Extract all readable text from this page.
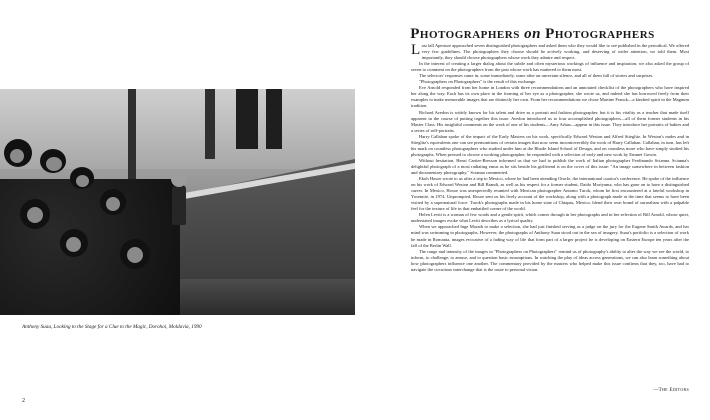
Anthony Suau, Looking to the Stage for a Clue to the Magic, Dorohoi, Moldavia, 1990
2
Photographers on Photographers

Last fall Aperture approached seven distinguished photographers and asked them who they would like to see published in the periodical. We offered very few guidelines. The photographers they choose should be actively working, and deserving of wider attention, we told them. Most importantly, they should choose photographers whose work they admire and respect.

In the interest of creating a larger dialog about the subtle and often mysterious workings of influence and inspiration, we also asked the group of seven to comment on the photographers from the past whose work has mattered to them most.

The selectors' responses came in, some immediately, some after an uncertain silence, and all of them full of stories and surprises.

"Photographers on Photographers" is the result of this exchange.

Eve Arnold responded from her home in London with three recommendations and an annotated checklist of the photographers who have inspired her along the way. Each has its own place in the forming of her eye as a photographer, she wrote us, and indeed she has borrowed freely from their examples to make memorable images that are distinctly her own. From her recommendations we chose Martine Franck—a kindred spirit in the Magnum tradition.

Richard Avedon is widely known for his talent and drive as a portrait and fashion photographer, but it is his vitality as a teacher that made itself apparent in the course of putting together this issue. Avedon introduced us to four accomplished photographers—all of them former students in his Master Class. His insightful comments on the work of one of his students—Amy Arbus—appear in this issue. They introduce her portraits of babies and a series of self-portraits.

Harry Callahan spoke of the impact of the Early Masters on his work, specifically Edward Weston and Alfred Stieglitz. In Weston's nudes and in Stieglitz's equivalents one can see premonitions of certain images that now seem incontrovertibly the work of Harry Callahan. Callahan, in turn, has left his mark on countless photographers who studied under him at the Rhode Island School of Design, and on countless more who have simply studied his photographs. When pressed to choose a working photographer, he responded with a selection of early and new work by Emmet Gowin.

Without hesitation, Henri Cartier-Bresson informed us that we had to publish the work of Italian photographer Ferdinando Scianna. Scianna's delightful photograph of a most radiating emus as he sits beside his girlfriend is on the cover of this issue: "An image somewhere in between fashion and documentary photography," Scianna commented.

Ekoh Hosoe wrote to us after a trip to Mexico, where he had been attending Oracle, the international curator's conference. He spoke of the influence on his work of Edward Weston and Bill Brandt, as well as his respect for a former student, Daido Moriyama, who has gone on to have a distinguished career. In Mexico, Hosoe was unexpectedly reunited with Mexican photographer Antonio Turok, whom he first encountered at a fateful workshop in Yosemite, in 1974. Unprompted, Hosoe sent us his lively account of the workshop, along with a photograph made at the time that seems to have been visited by a supernatural force. Turok's photographs made in his home state of Chiapas, Mexico, blend their own brand of surrealism with a palpable feel for the texture of life in that embattled corner of the world.

Helen Levitt is a woman of few words and a gentle spirit, which comes through in her photographs and in her selection of Bill Arnold, whose quiet, understated images evoke what Levitt describes as a lyrical quality.

When we approached Inge Morath to make a selection, she had just finished serving as a judge on the jury for the Eugene Smith Awards, and her mind was swimming in photographs. However, the photographs of Anthony Suau stood out in the sea of imagery. Suau's portfolio is a selection of work he made in Romania, images evocative of a fading way of life that form part of a larger project he is developing on Eastern Europe ten years after the fall of the Berlin Wall.

The range and intensity of the images in "Photographers on Photographers" remind us of photography's ability to alter the way we see the world, to inform, to challenge, to amuse, and to question basic assumptions. In watching the play of ideas across generations, we can also learn something about how photographers influence one another. The commentary provided by the masters who helped make this issue confirms that they, too, have had to navigate the circuitous interchange that is the route to personal vision.

—The Editors
